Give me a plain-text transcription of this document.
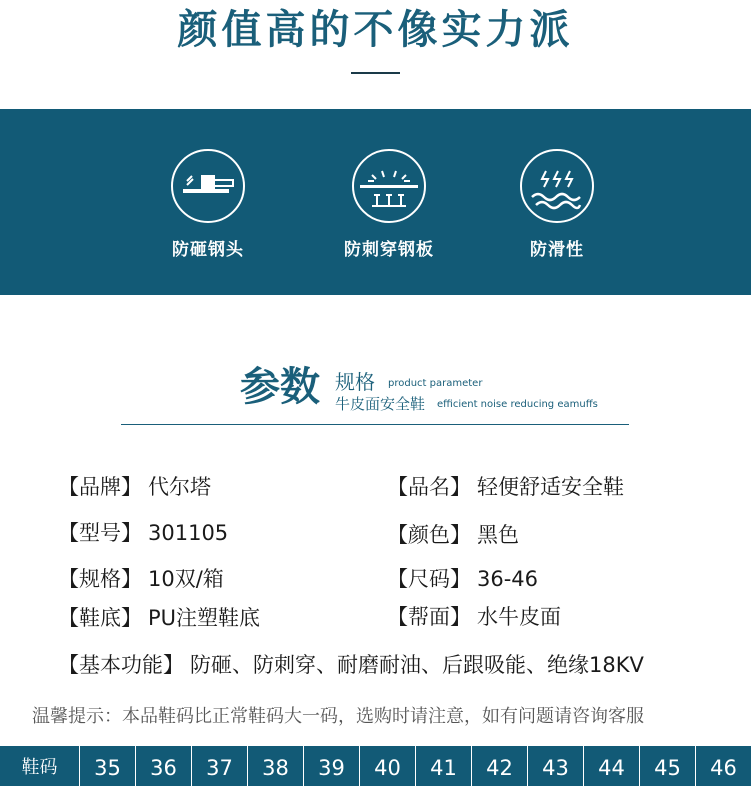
颜值高的不像实力派
防砸钢头	防刺穿钢板	防滑性
参数 规格 product parameter
牛皮面安全鞋 efficient noise reducing eamuffs
【品牌】 代尔塔	【品名】 轻便舒适安全鞋
【型号】 301105	【颜色】 黑色
【规格】 10双/箱	【尺码】 36-46
【鞋底】 PU注塑鞋底	【帮面】 水牛皮面
【基本功能】 防砸、防刺穿、耐磨耐油、后跟吸能、绝缘18KV
温馨提示：本品鞋码比正常鞋码大一码，选购时请注意，如有问题请咨询客服
鞋码	35	36	37	38	39	40	41	42	43	44	45	46
